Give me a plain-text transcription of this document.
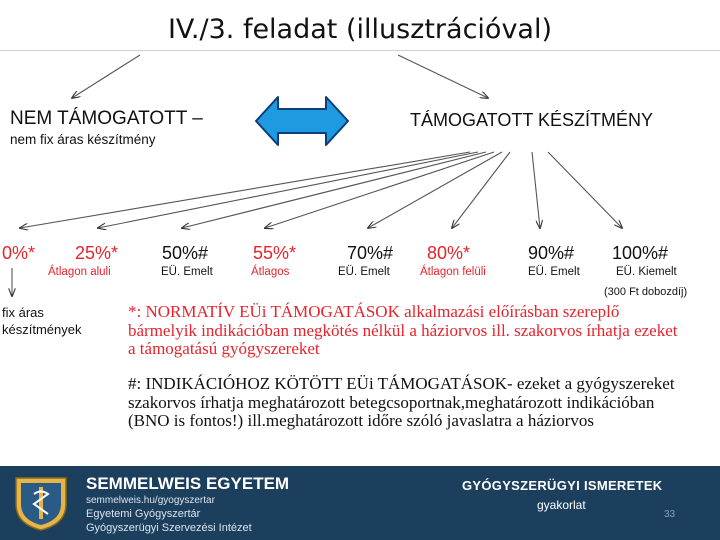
IV./3. feladat (illusztrációval)
NEM TÁMOGATOTT –
nem fix áras készítmény
TÁMOGATOTT KÉSZÍTMÉNY
0%* 25%*
Átlagon aluli
50%#
EÜ. Emelt
55%*
Átlagos
70%#
EÜ. Emelt
80%*
Átlagon felüli
90%#
EÜ. Emelt
100%#
EÜ. Kiemelt
(300 Ft dobozdíj)
fix áras készítmények
*: NORMATÍV EÜi TÁMOGATÁSOK alkalmazási előírásban szereplő bármelyik indikációban megkötés nélkül a háziorvos ill. szakorvos írhatja ezeket a támogatású gyógyszereket
#: INDIKÁCIÓHOZ KÖTÖTT EÜi TÁMOGATÁSOK- ezeket a gyógyszereket szakorvos írhatja meghatározott betegcsoportnak,meghatározott indikációban (BNO is fontos!) ill.meghatározott időre szóló javaslatra a háziorvos
SEMMELWEIS EGYETEM
semmelweis.hu/gyogyszertar
Egyetemi Gyógyszertár
Gyógyszerügyi Szervezési Intézet
GYÓGYSZERÜGYI ISMERETEK
gyakorlat
33
